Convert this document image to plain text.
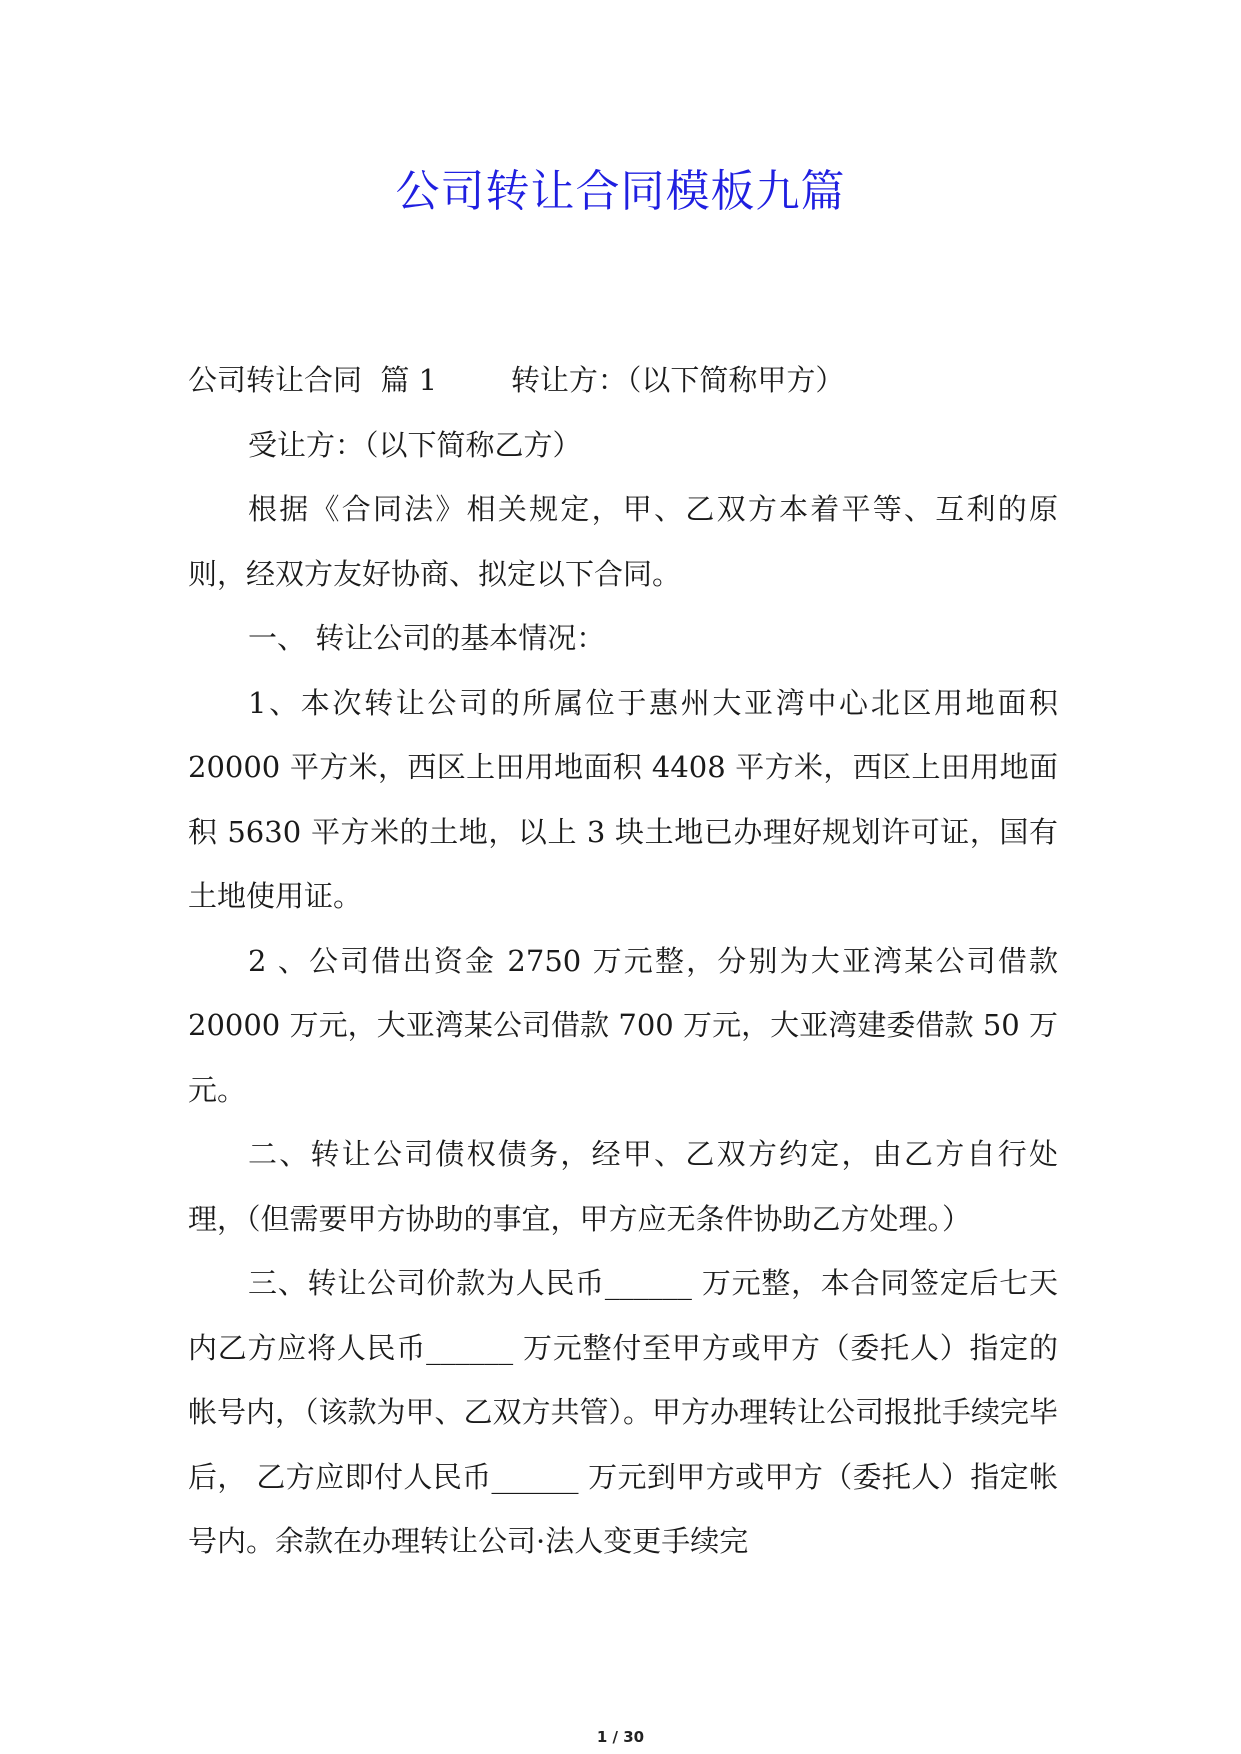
公司转让合同模板九篇

公司转让合同  篇 1        转让方：（以下简称甲方）

受让方：（以下简称乙方）

根据《合同法》相关规定，甲、乙双方本着平等、互利的原则，经双方友好协商、拟定以下合同。

一、 转让公司的基本情况：

1、本次转让公司的所属位于惠州大亚湾中心北区用地面积20000 平方米，西区上田用地面积 4408 平方米，西区上田用地面积 5630 平方米的土地，以上 3 块土地已办理好规划许可证，国有土地使用证。

2 、公司借出资金 2750 万元整，分别为大亚湾某公司借款 20000 万元，大亚湾某公司借款 700 万元，大亚湾建委借款 50 万元。

二、转让公司债权债务，经甲、乙双方约定，由乙方自行处理，（但需要甲方协助的事宜，甲方应无条件协助乙方处理。）

三、转让公司价款为人民币______ 万元整，本合同签定后七天内乙方应将人民币______ 万元整付至甲方或甲方（委托人）指定的帐号内，（该款为甲、乙双方共管）。甲方办理转让公司报批手续完毕后， 乙方应即付人民币______ 万元到甲方或甲方（委托人）指定帐号内。余款在办理转让公司·法人变更手续完

1 / 30
